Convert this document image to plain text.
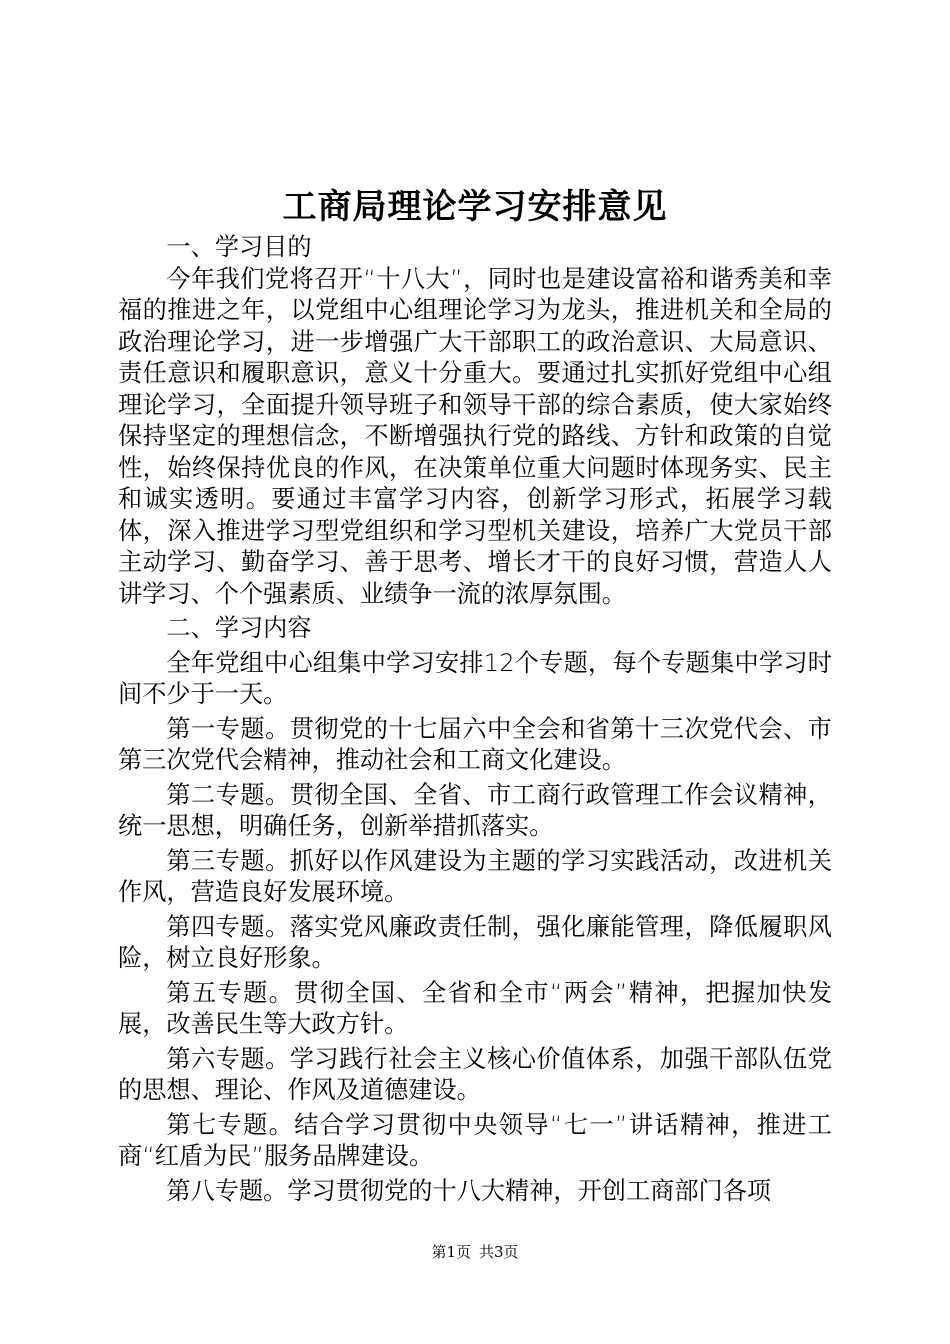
工商局理论学习安排意见

一、学习目的

今年我们党将召开“十八大”，同时也是建设富裕和谐秀美和幸福的推进之年，以党组中心组理论学习为龙头，推进机关和全局的政治理论学习，进一步增强广大干部职工的政治意识、大局意识、责任意识和履职意识，意义十分重大。要通过扎实抓好党组中心组理论学习，全面提升领导班子和领导干部的综合素质，使大家始终保持坚定的理想信念，不断增强执行党的路线、方针和政策的自觉性，始终保持优良的作风，在决策单位重大问题时体现务实、民主和诚实透明。要通过丰富学习内容，创新学习形式，拓展学习载体，深入推进学习型党组织和学习型机关建设，培养广大党员干部主动学习、勤奋学习、善于思考、增长才干的良好习惯，营造人人讲学习、个个强素质、业绩争一流的浓厚氛围。

二、学习内容

全年党组中心组集中学习安排12个专题，每个专题集中学习时间不少于一天。

第一专题。贯彻党的十七届六中全会和省第十三次党代会、市第三次党代会精神，推动社会和工商文化建设。

第二专题。贯彻全国、全省、市工商行政管理工作会议精神，统一思想，明确任务，创新举措抓落实。

第三专题。抓好以作风建设为主题的学习实践活动，改进机关作风，营造良好发展环境。

第四专题。落实党风廉政责任制，强化廉能管理，降低履职风险，树立良好形象。

第五专题。贯彻全国、全省和全市“两会”精神，把握加快发展，改善民生等大政方针。

第六专题。学习践行社会主义核心价值体系，加强干部队伍党的思想、理论、作风及道德建设。

第七专题。结合学习贯彻中央领导“七一”讲话精神，推进工商“红盾为民”服务品牌建设。

第八专题。学习贯彻党的十八大精神，开创工商部门各项

第1页 共3页
